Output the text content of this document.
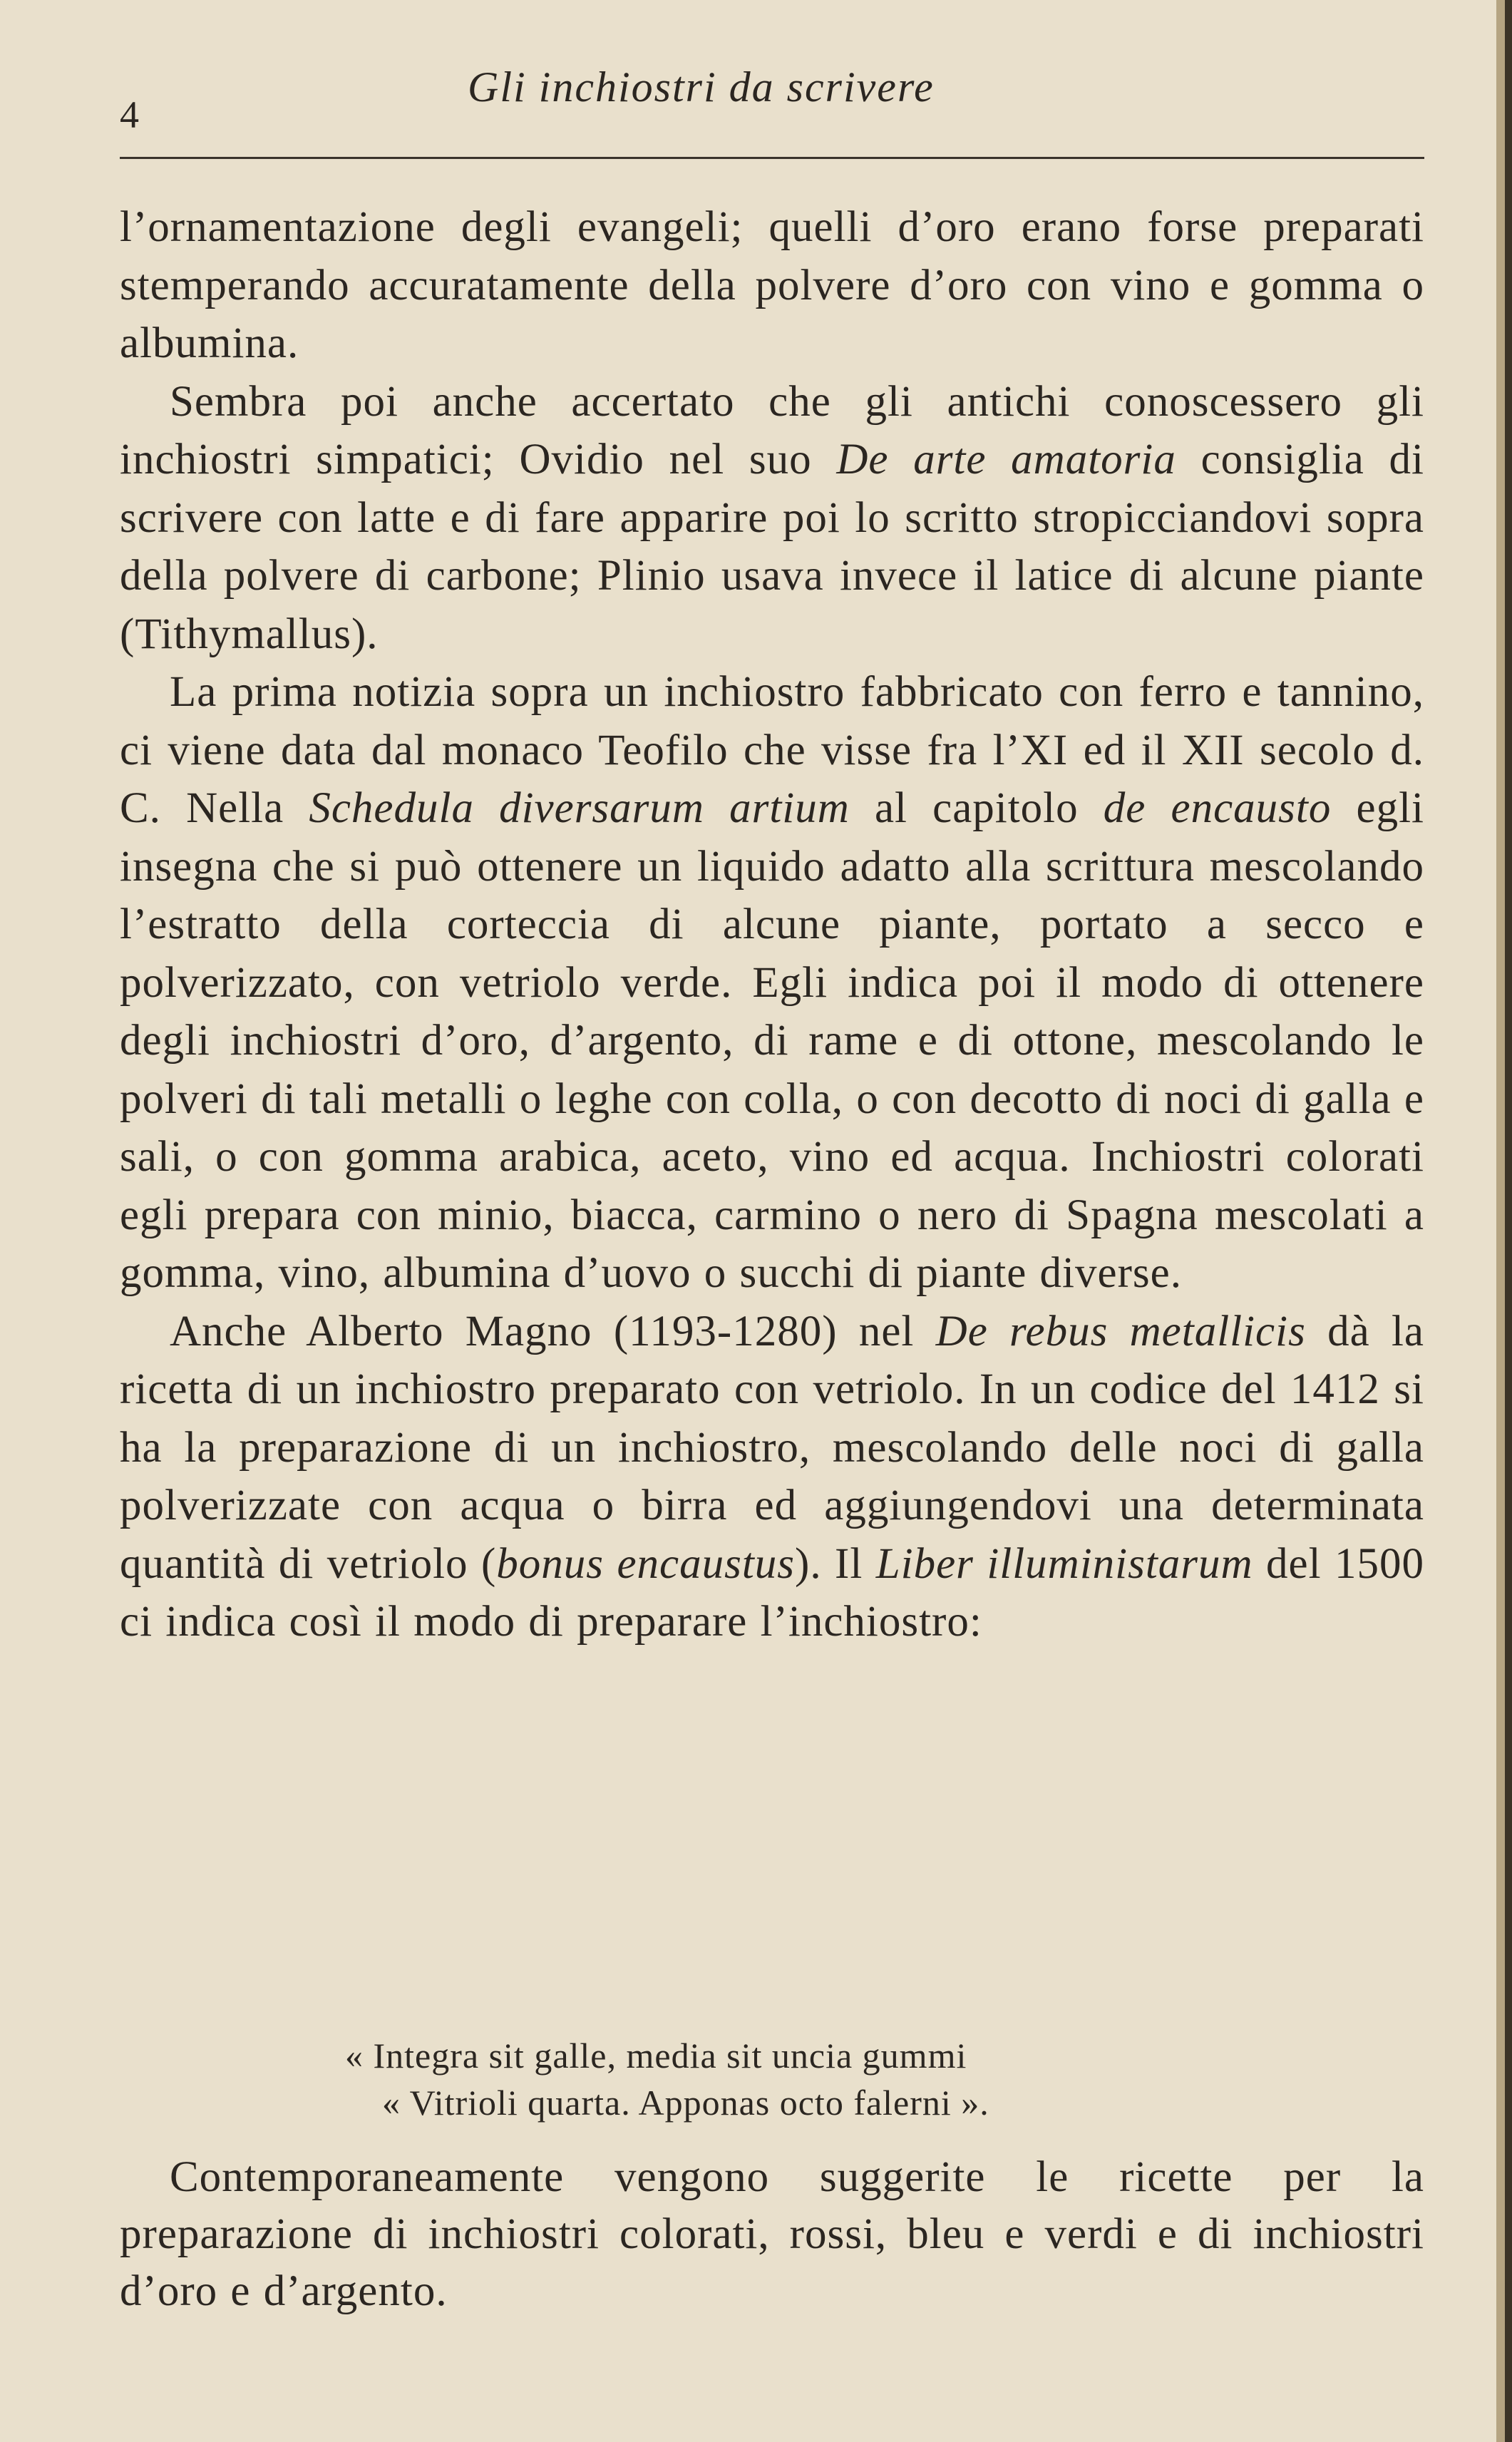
4
Gli inchiostri da scrivere

l’ornamentazione degli evangeli; quelli d’oro erano forse preparati stemperando accuratamente della polvere d’oro con vino e gomma o albumina.

Sembra poi anche accertato che gli antichi conoscessero gli inchiostri simpatici; Ovidio nel suo De arte amatoria consiglia di scrivere con latte e di fare apparire poi lo scritto stropicciandovi sopra della polvere di carbone; Plinio usava invece il latice di alcune piante (Tithymallus).

La prima notizia sopra un inchiostro fabbricato con ferro e tannino, ci viene data dal monaco Teofilo che visse fra l’XI ed il XII secolo d. C. Nella Schedula diversarum artium al capitolo de encausto egli insegna che si può ottenere un liquido adatto alla scrittura mescolando l’estratto della corteccia di alcune piante, portato a secco e polverizzato, con vetriolo verde. Egli indica poi il modo di ottenere degli inchiostri d’oro, d’argento, di rame e di ottone, mescolando le polveri di tali metalli o leghe con colla, o con decotto di noci di galla e sali, o con gomma arabica, aceto, vino ed acqua. Inchiostri colorati egli prepara con minio, biacca, carmino o nero di Spagna mescolati a gomma, vino, albumina d’uovo o succhi di piante diverse.

Anche Alberto Magno (1193-1280) nel De rebus metallicis dà la ricetta di un inchiostro preparato con vetriolo. In un codice del 1412 si ha la preparazione di un inchiostro, mescolando delle noci di galla polverizzate con acqua o birra ed aggiungendovi una determinata quantità di vetriolo (bonus encaustus). Il Liber illuministarum del 1500 ci indica così il modo di preparare l’inchiostro:

« Integra sit galle, media sit uncia gummi
« Vitrioli quarta. Apponas octo falerni ».

Contemporaneamente vengono suggerite le ricette per la preparazione di inchiostri colorati, rossi, bleu e verdi e di inchiostri d’oro e d’argento.
